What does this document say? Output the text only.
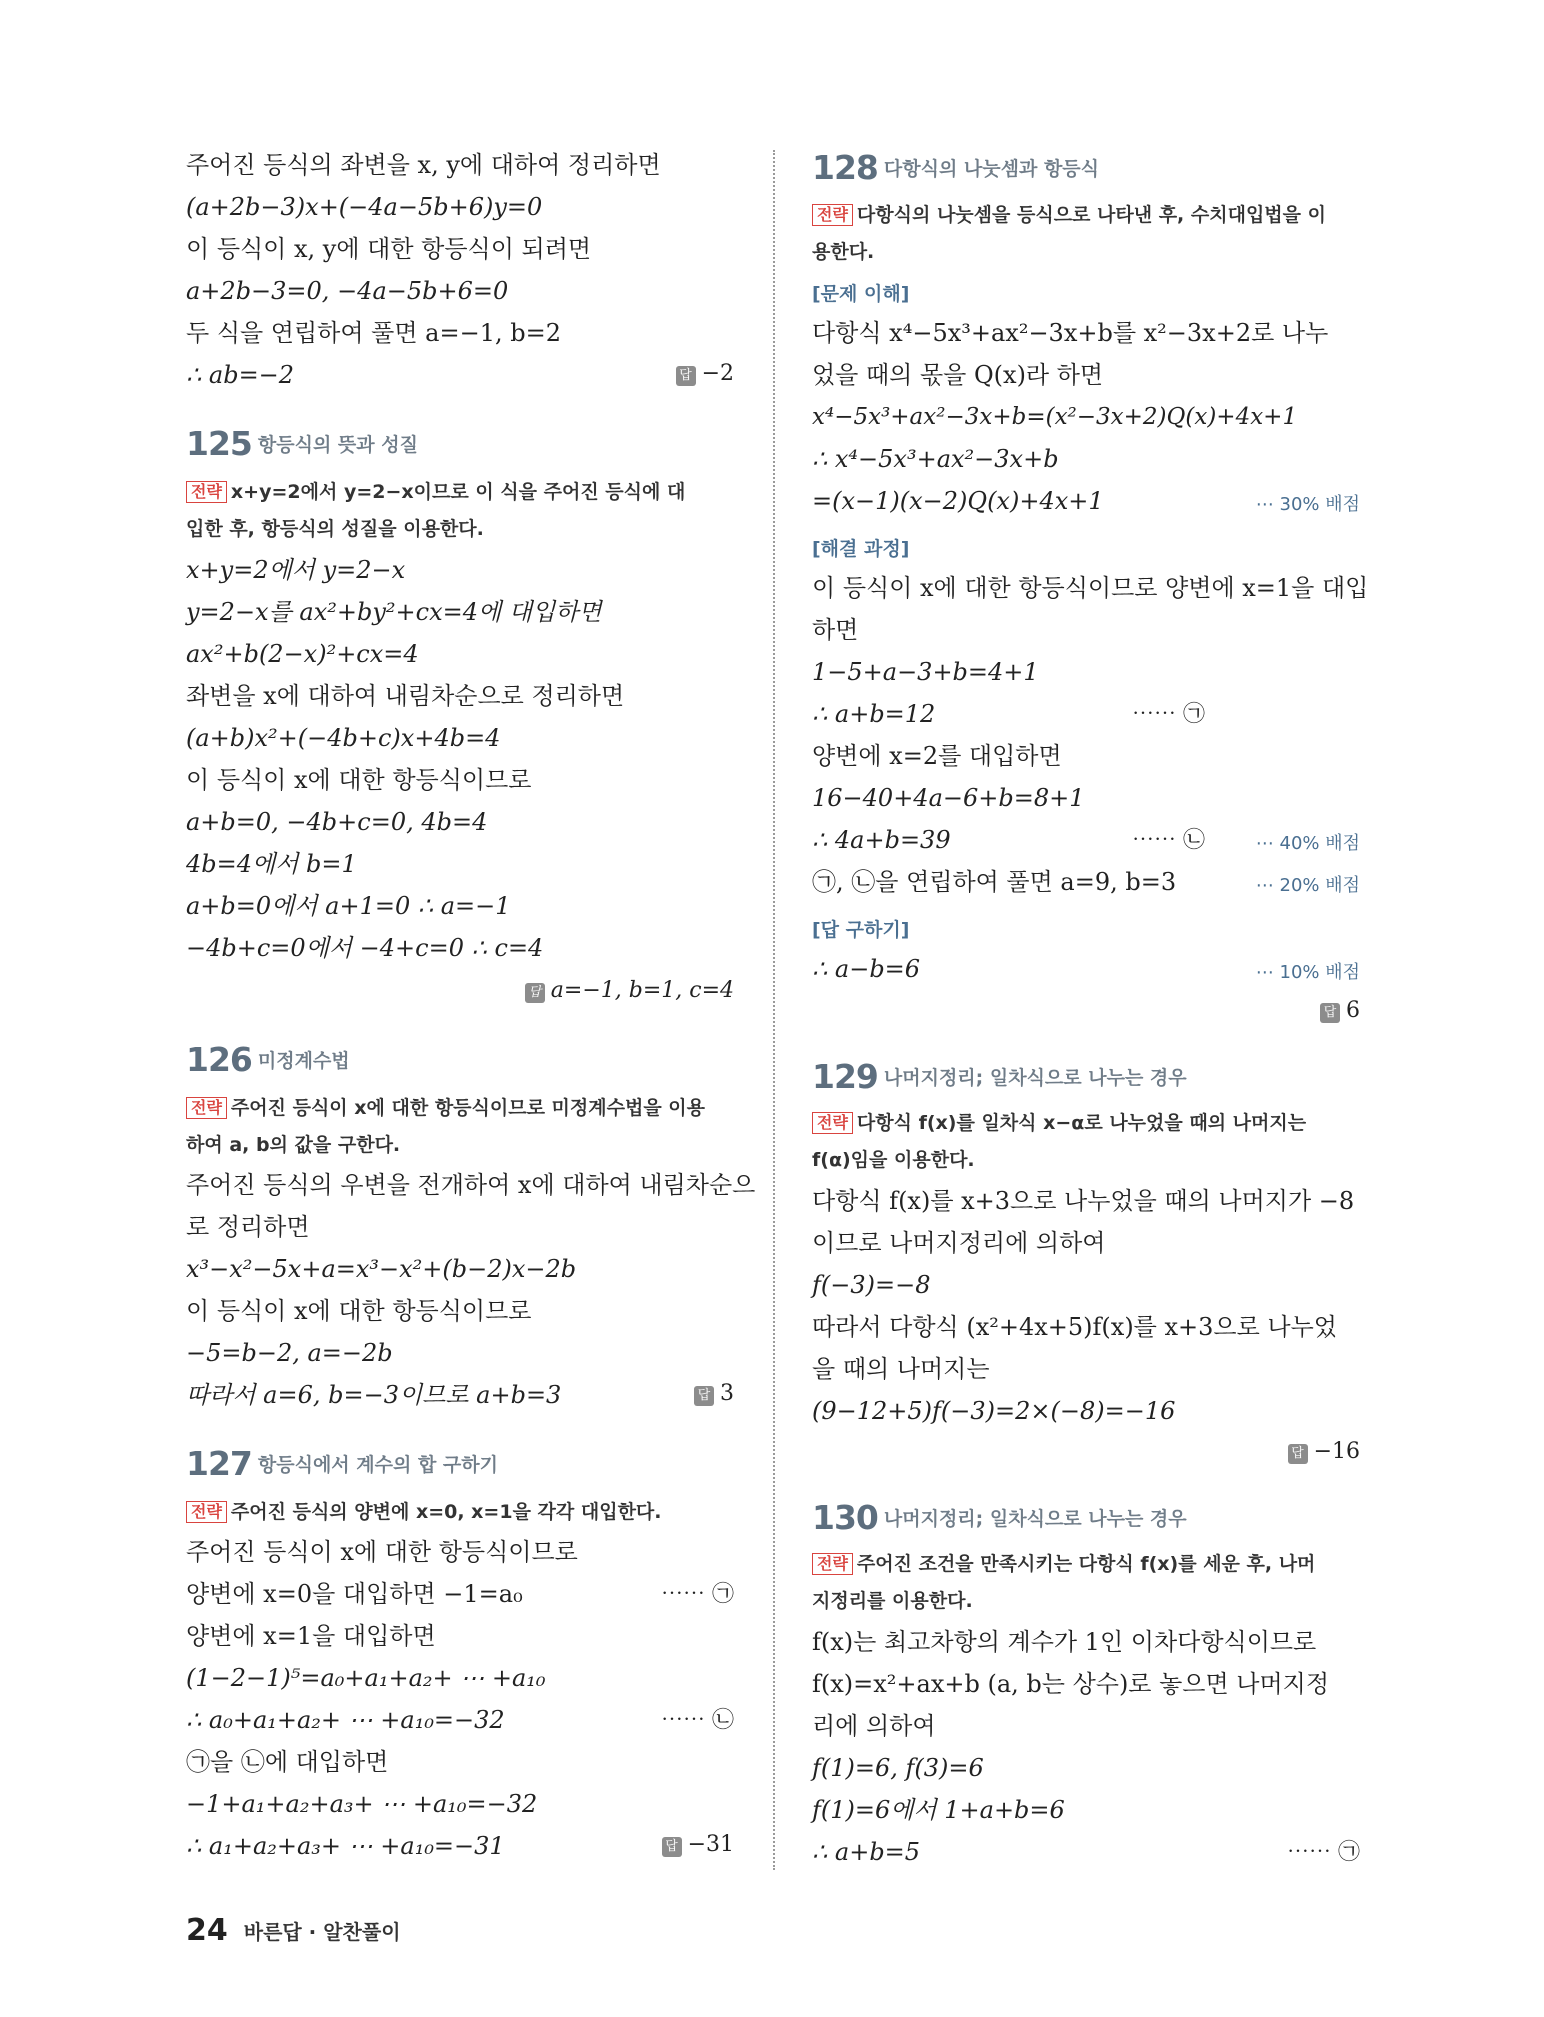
주어진 등식의 좌변을 x, y에 대하여 정리하면
(a+2b−3)x+(−4a−5b+6)y=0
이 등식이 x, y에 대한 항등식이 되려면
a+2b−3=0, −4a−5b+6=0
두 식을 연립하여 풀면 a=−1, b=2
∴ ab=−2	답 −2
125 항등식의 뜻과 성질
전략 x+y=2에서 y=2−x이므로 이 식을 주어진 등식에 대
입한 후, 항등식의 성질을 이용한다.
x+y=2에서 y=2−x
y=2−x를 ax²+by²+cx=4에 대입하면
ax²+b(2−x)²+cx=4
좌변을 x에 대하여 내림차순으로 정리하면
(a+b)x²+(−4b+c)x+4b=4
이 등식이 x에 대한 항등식이므로
a+b=0, −4b+c=0, 4b=4
4b=4에서 b=1
a+b=0에서 a+1=0 ∴ a=−1
−4b+c=0에서 −4+c=0 ∴ c=4
답 a=−1, b=1, c=4
126 미정계수법
전략 주어진 등식이 x에 대한 항등식이므로 미정계수법을 이용
하여 a, b의 값을 구한다.
주어진 등식의 우변을 전개하여 x에 대하여 내림차순으
로 정리하면
x³−x²−5x+a=x³−x²+(b−2)x−2b
이 등식이 x에 대한 항등식이므로
−5=b−2, a=−2b
따라서 a=6, b=−3이므로 a+b=3	답 3
127 항등식에서 계수의 합 구하기
전략 주어진 등식의 양변에 x=0, x=1을 각각 대입한다.
주어진 등식이 x에 대한 항등식이므로
양변에 x=0을 대입하면 −1=a₀	⋯⋯ ㉠
양변에 x=1을 대입하면
(1−2−1)⁵=a₀+a₁+a₂+ ⋯ +a₁₀
∴ a₀+a₁+a₂+ ⋯ +a₁₀=−32	⋯⋯ ㉡
㉠을 ㉡에 대입하면
−1+a₁+a₂+a₃+ ⋯ +a₁₀=−32
∴ a₁+a₂+a₃+ ⋯ +a₁₀=−31	답 −31
128 다항식의 나눗셈과 항등식
전략 다항식의 나눗셈을 등식으로 나타낸 후, 수치대입법을 이
용한다.
[문제 이해]
다항식 x⁴−5x³+ax²−3x+b를 x²−3x+2로 나누
었을 때의 몫을 Q(x)라 하면
x⁴−5x³+ax²−3x+b=(x²−3x+2)Q(x)+4x+1
∴ x⁴−5x³+ax²−3x+b
=(x−1)(x−2)Q(x)+4x+1	⋯ 30% 배점
[해결 과정]
이 등식이 x에 대한 항등식이므로 양변에 x=1을 대입
하면
1−5+a−3+b=4+1
∴ a+b=12	⋯⋯ ㉠
양변에 x=2를 대입하면
16−40+4a−6+b=8+1
∴ 4a+b=39	⋯⋯ ㉡	⋯ 40% 배점
㉠, ㉡을 연립하여 풀면 a=9, b=3	⋯ 20% 배점
[답 구하기]
∴ a−b=6	⋯ 10% 배점
답 6
129 나머지정리; 일차식으로 나누는 경우
전략 다항식 f(x)를 일차식 x−α로 나누었을 때의 나머지는
f(α)임을 이용한다.
다항식 f(x)를 x+3으로 나누었을 때의 나머지가 −8
이므로 나머지정리에 의하여
f(−3)=−8
따라서 다항식 (x²+4x+5)f(x)를 x+3으로 나누었
을 때의 나머지는
(9−12+5)f(−3)=2×(−8)=−16
답 −16
130 나머지정리; 일차식으로 나누는 경우
전략 주어진 조건을 만족시키는 다항식 f(x)를 세운 후, 나머
지정리를 이용한다.
f(x)는 최고차항의 계수가 1인 이차다항식이므로
f(x)=x²+ax+b (a, b는 상수)로 놓으면 나머지정
리에 의하여
f(1)=6, f(3)=6
f(1)=6에서 1+a+b=6
∴ a+b=5	⋯⋯ ㉠
24 바른답 · 알찬풀이
